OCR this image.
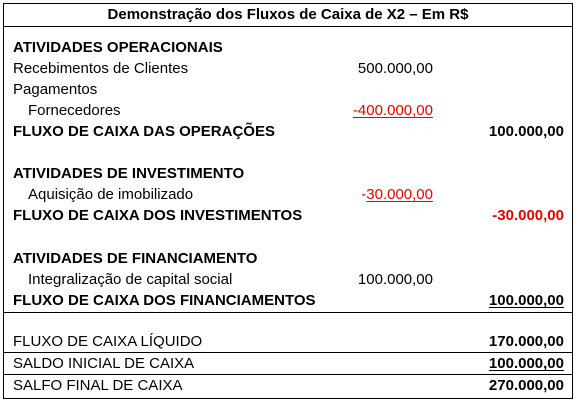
Demonstração dos Fluxos de Caixa de X2 – Em R$
ATIVIDADES OPERACIONAIS
Recebimentos de Clientes	500.000,00
Pagamentos
Fornecedores	-400.000,00
FLUXO DE CAIXA DAS OPERAÇÕES	100.000,00
ATIVIDADES DE INVESTIMENTO
Aquisição de imobilizado	-30.000,00
FLUXO DE CAIXA DOS INVESTIMENTOS	-30.000,00
ATIVIDADES DE FINANCIAMENTO
Integralização de capital social	100.000,00
FLUXO DE CAIXA DOS FINANCIAMENTOS	100.000,00
FLUXO DE CAIXA LÍQUIDO	170.000,00
SALDO INICIAL DE CAIXA	100.000,00
SALFO FINAL DE CAIXA	270.000,00
